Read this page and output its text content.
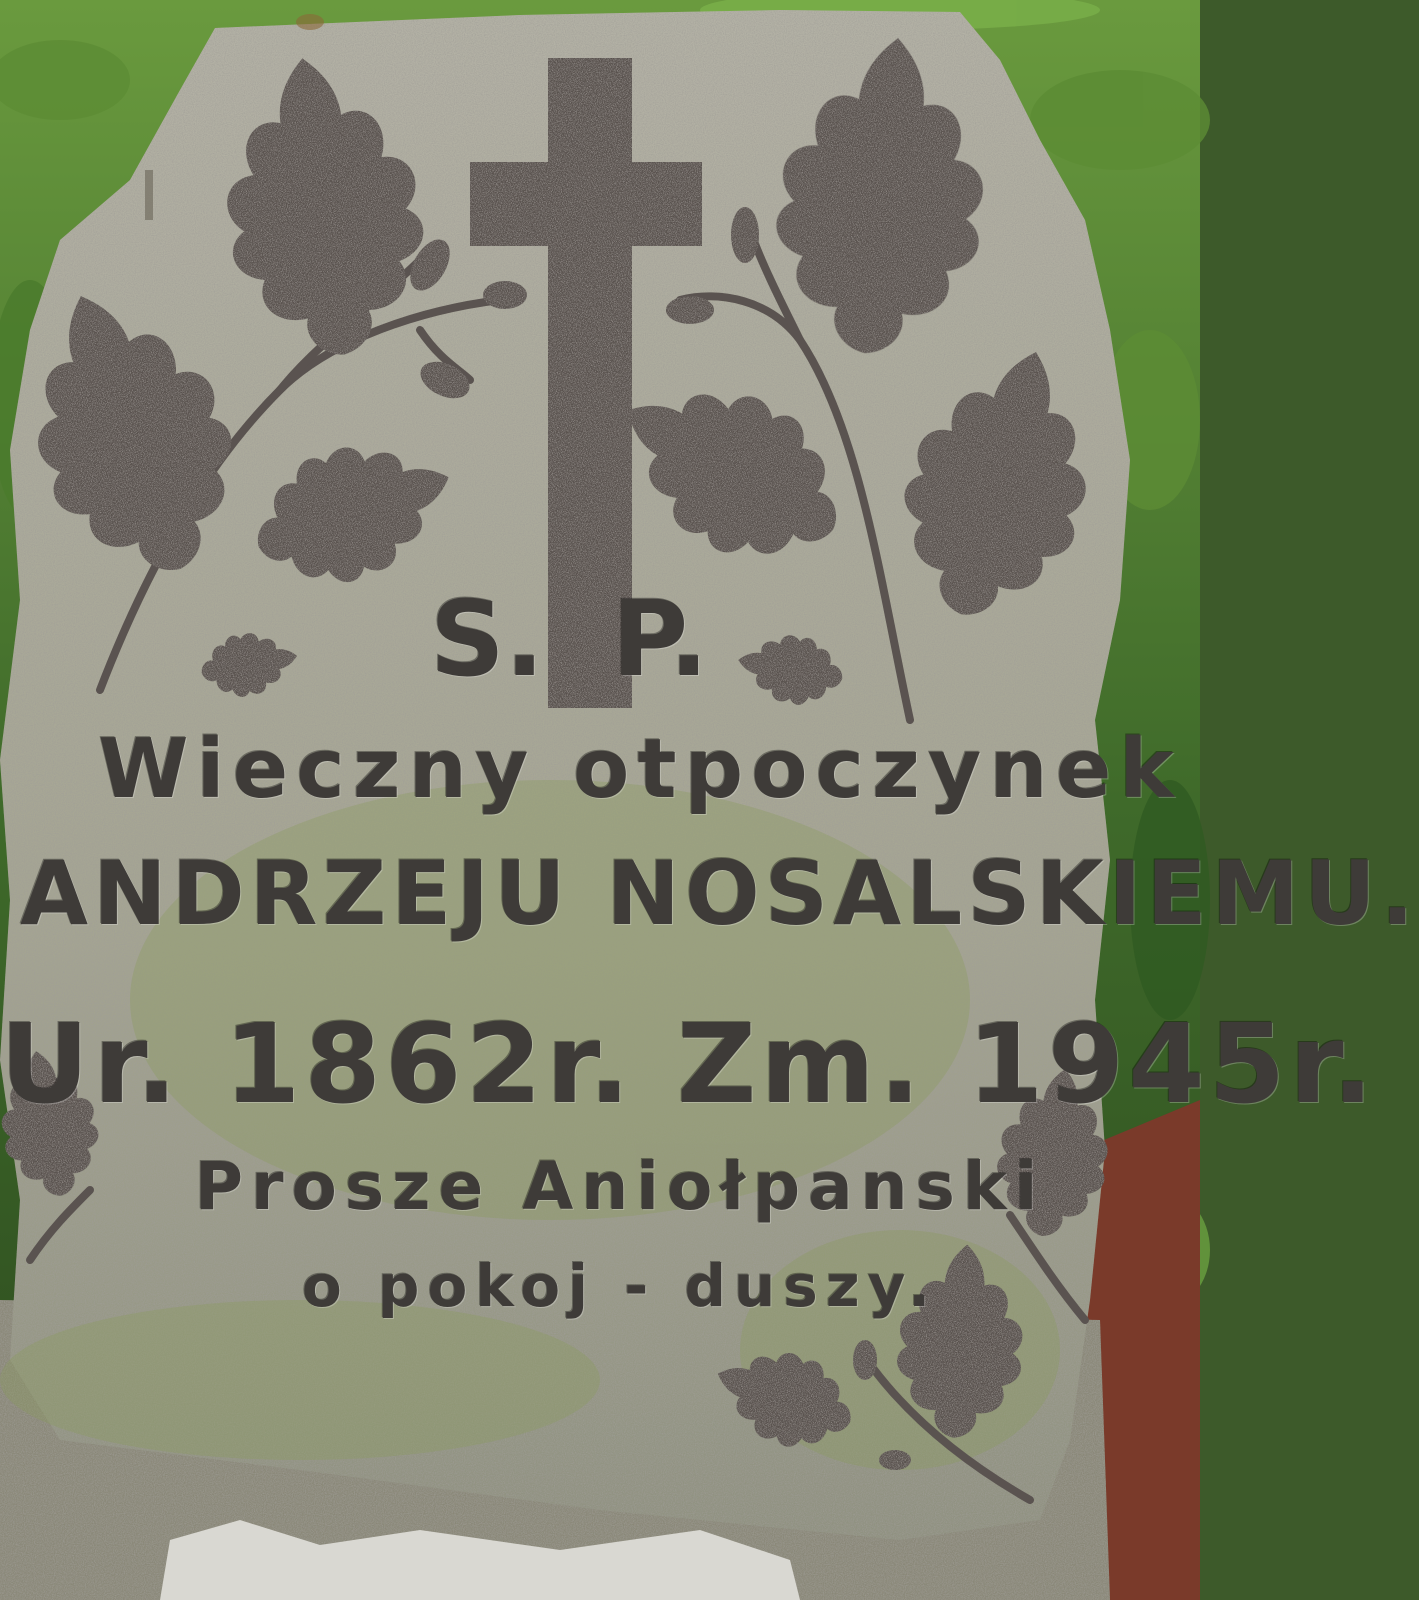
S. P.
Wieczny otpoczynek
ANDRZEJU NOSALSKIEMU.
Ur. 1862r. Zm. 1945r.
Prosze Aniołpanski
o pokoj - duszy.
